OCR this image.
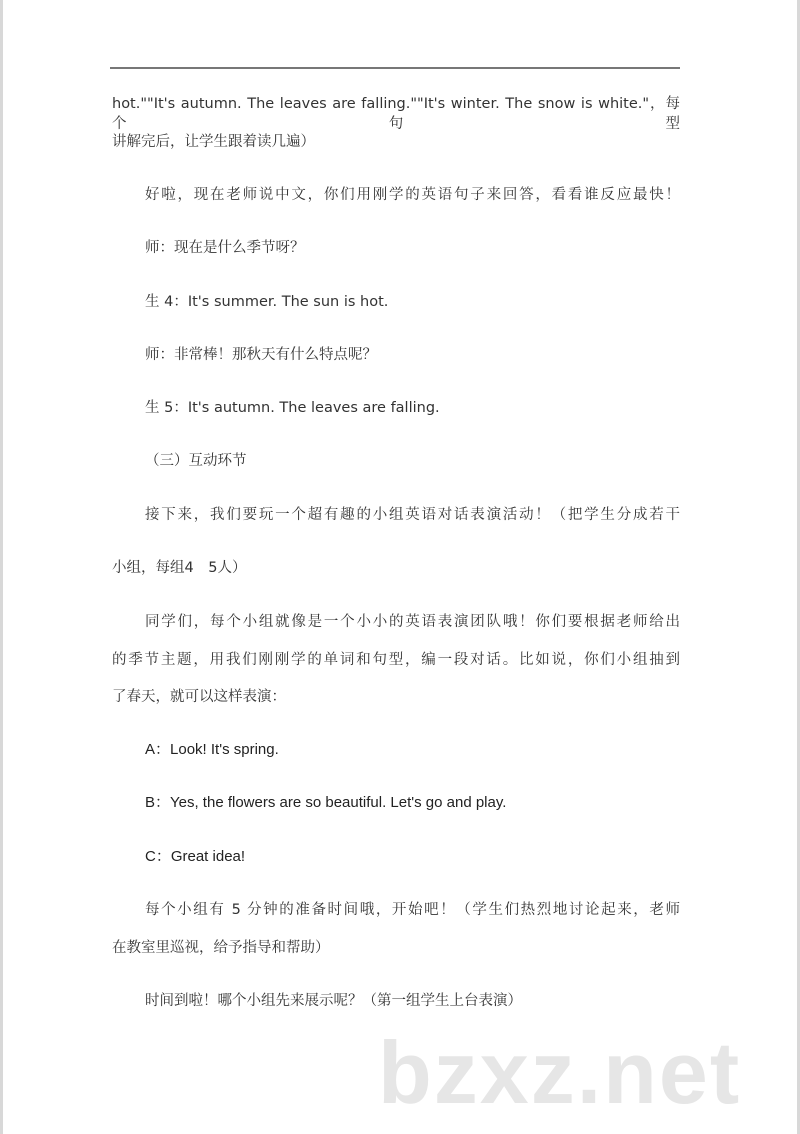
hot.""It's autumn. The leaves are falling.""It's winter. The snow is white."，每个句型
讲解完后，让学生跟着读几遍）
好啦，现在老师说中文，你们用刚学的英语句子来回答，看看谁反应最快！
师：现在是什么季节呀？
生 4：It's summer. The sun is hot.
师：非常棒！那秋天有什么特点呢？
生 5：It's autumn. The leaves are falling.
（三）互动环节
接下来，我们要玩一个超有趣的小组英语对话表演活动！（把学生分成若干
小组，每组4　5人）
同学们，每个小组就像是一个小小的英语表演团队哦！你们要根据老师给出
的季节主题，用我们刚刚学的单词和句型，编一段对话。比如说，你们小组抽到
了春天，就可以这样表演：
A：Look! It's spring.
B：Yes, the flowers are so beautiful. Let's go and play.
C：Great idea!
每个小组有 5 分钟的准备时间哦，开始吧！（学生们热烈地讨论起来，老师
在教室里巡视，给予指导和帮助）
时间到啦！哪个小组先来展示呢？（第一组学生上台表演）
bzxz.net
